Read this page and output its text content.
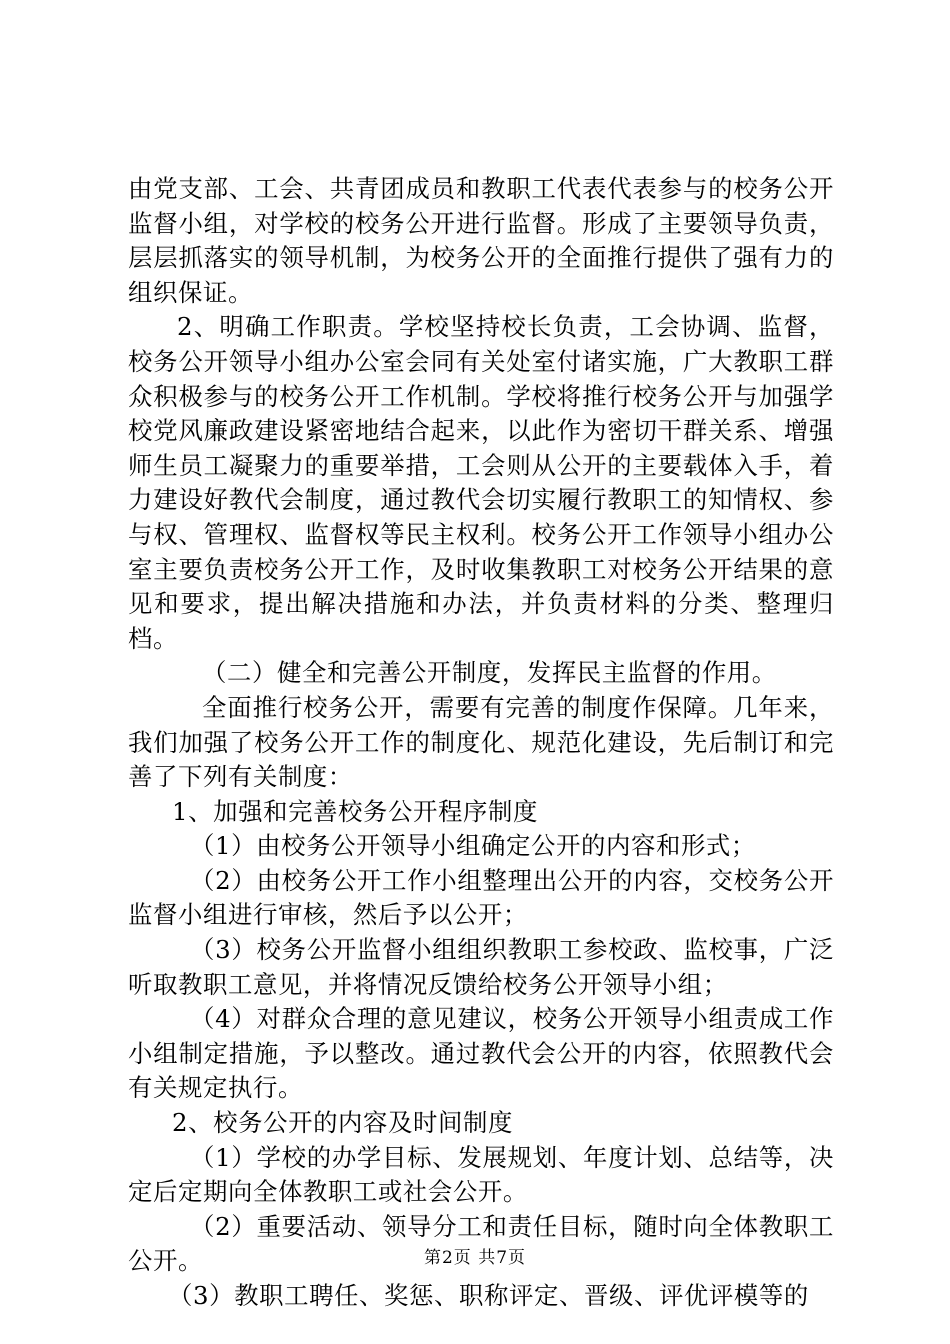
由党支部、工会、共青团成员和教职工代表代表参与的校务公开监督小组，对学校的校务公开进行监督。形成了主要领导负责，层层抓落实的领导机制，为校务公开的全面推行提供了强有力的组织保证。

2、明确工作职责。学校坚持校长负责，工会协调、监督，校务公开领导小组办公室会同有关处室付诸实施，广大教职工群众积极参与的校务公开工作机制。学校将推行校务公开与加强学校党风廉政建设紧密地结合起来，以此作为密切干群关系、增强师生员工凝聚力的重要举措，工会则从公开的主要载体入手，着力建设好教代会制度，通过教代会切实履行教职工的知情权、参与权、管理权、监督权等民主权利。校务公开工作领导小组办公室主要负责校务公开工作，及时收集教职工对校务公开结果的意见和要求，提出解决措施和办法，并负责材料的分类、整理归档。

（二）健全和完善公开制度，发挥民主监督的作用。

全面推行校务公开，需要有完善的制度作保障。几年来，我们加强了校务公开工作的制度化、规范化建设，先后制订和完善了下列有关制度：

1、加强和完善校务公开程序制度

（1）由校务公开领导小组确定公开的内容和形式；

（2）由校务公开工作小组整理出公开的内容，交校务公开监督小组进行审核，然后予以公开；

（3）校务公开监督小组组织教职工参校政、监校事，广泛听取教职工意见，并将情况反馈给校务公开领导小组；

（4）对群众合理的意见建议，校务公开领导小组责成工作小组制定措施，予以整改。通过教代会公开的内容，依照教代会有关规定执行。

2、校务公开的内容及时间制度

（1）学校的办学目标、发展规划、年度计划、总结等，决定后定期向全体教职工或社会公开。

（2）重要活动、领导分工和责任目标，随时向全体教职工公开。

（3）教职工聘任、奖惩、职称评定、晋级、评优评模等的

第2页 共7页
